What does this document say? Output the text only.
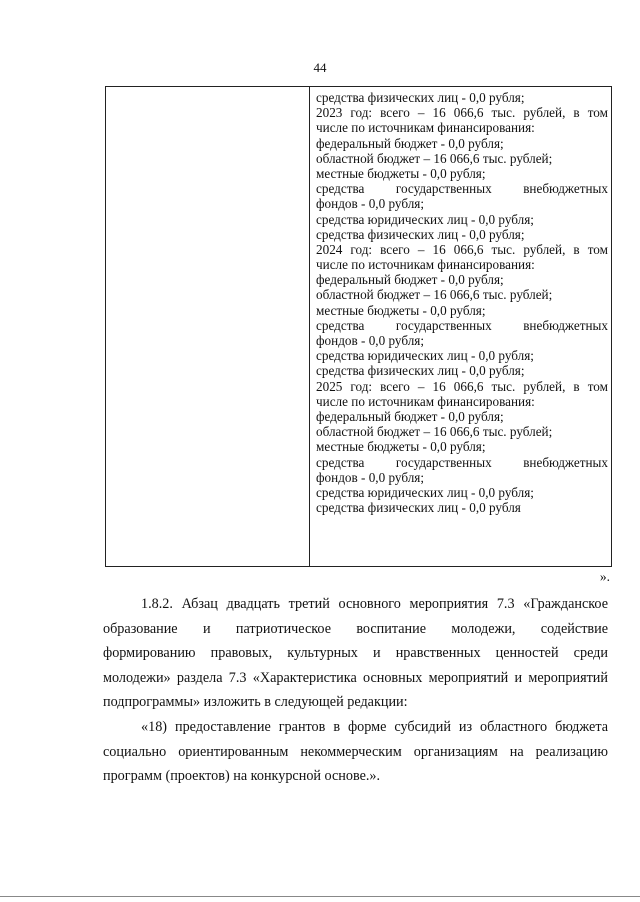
44
средства физических лиц - 0,0 рубля;
2023 год: всего – 16 066,6 тыс. рублей, в том
числе по источникам финансирования:
федеральный бюджет - 0,0 рубля;
областной бюджет – 16 066,6 тыс. рублей;
местные бюджеты - 0,0 рубля;
средства государственных внебюджетных
фондов - 0,0 рубля;
средства юридических лиц - 0,0 рубля;
средства физических лиц - 0,0 рубля;
2024 год: всего – 16 066,6 тыс. рублей, в том
числе по источникам финансирования:
федеральный бюджет - 0,0 рубля;
областной бюджет – 16 066,6 тыс. рублей;
местные бюджеты - 0,0 рубля;
средства государственных внебюджетных
фондов - 0,0 рубля;
средства юридических лиц - 0,0 рубля;
средства физических лиц - 0,0 рубля;
2025 год: всего – 16 066,6 тыс. рублей, в том
числе по источникам финансирования:
федеральный бюджет - 0,0 рубля;
областной бюджет – 16 066,6 тыс. рублей;
местные бюджеты - 0,0 рубля;
средства государственных внебюджетных
фондов - 0,0 рубля;
средства юридических лиц - 0,0 рубля;
средства физических лиц - 0,0 рубля
».
1.8.2. Абзац двадцать третий основного мероприятия 7.3 «Гражданское
образование и патриотическое воспитание молодежи, содействие
формированию правовых, культурных и нравственных ценностей среди
молодежи» раздела 7.3 «Характеристика основных мероприятий и мероприятий
подпрограммы» изложить в следующей редакции:
«18) предоставление грантов в форме субсидий из областного бюджета
социально ориентированным некоммерческим организациям на реализацию
программ (проектов) на конкурсной основе.».
